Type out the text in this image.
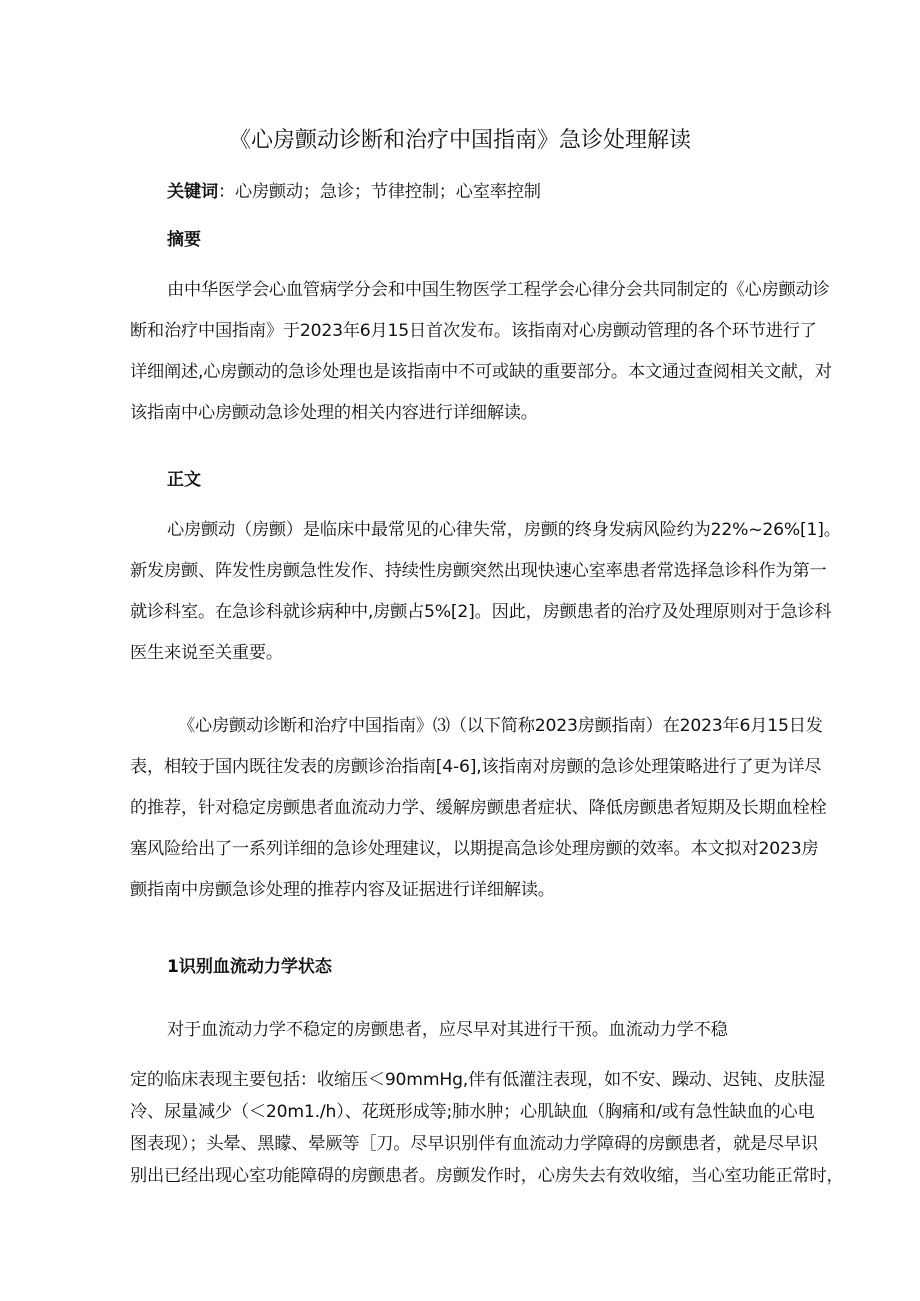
《心房颤动诊断和治疗中国指南》急诊处理解读
关键词：心房颤动；急诊；节律控制；心室率控制
摘要

由中华医学会心血管病学分会和中国生物医学工程学会心律分会共同制定的《心房颤动诊

断和治疗中国指南》于2023年6月15日首次发布。该指南对心房颤动管理的各个环节进行了

详细阐述,心房颤动的急诊处理也是该指南中不可或缺的重要部分。本文通过查阅相关文献，对

该指南中心房颤动急诊处理的相关内容进行详细解读。

正文

心房颤动（房颤）是临床中最常见的心律失常，房颤的终身发病风险约为22%~26%[1]。

新发房颤、阵发性房颤急性发作、持续性房颤突然出现快速心室率患者常选择急诊科作为第一

就诊科室。在急诊科就诊病种中,房颤占5%[2]。因此，房颤患者的治疗及处理原则对于急诊科

医生来说至关重要。

《心房颤动诊断和治疗中国指南》⑶（以下简称2023房颤指南）在2023年6月15日发

表，相较于国内既往发表的房颤诊治指南[4-6],该指南对房颤的急诊处理策略进行了更为详尽

的推荐，针对稳定房颤患者血流动力学、缓解房颤患者症状、降低房颤患者短期及长期血栓栓

塞风险给出了一系列详细的急诊处理建议，以期提高急诊处理房颤的效率。本文拟对2023房

颤指南中房颤急诊处理的推荐内容及证据进行详细解读。

1识别血流动力学状态

对于血流动力学不稳定的房颤患者，应尽早对其进行干预。血流动力学不稳

定的临床表现主要包括：收缩压＜90mmHg,伴有低灌注表现，如不安、躁动、迟钝、皮肤湿

冷、尿量减少（＜20m1./h）、花斑形成等;肺水肿；心肌缺血（胸痛和/或有急性缺血的心电

图表现）；头晕、黑矇、晕厥等［刀。尽早识别伴有血流动力学障碍的房颤患者，就是尽早识

别出已经出现心室功能障碍的房颤患者。房颤发作时，心房失去有效收缩，当心室功能正常时，
